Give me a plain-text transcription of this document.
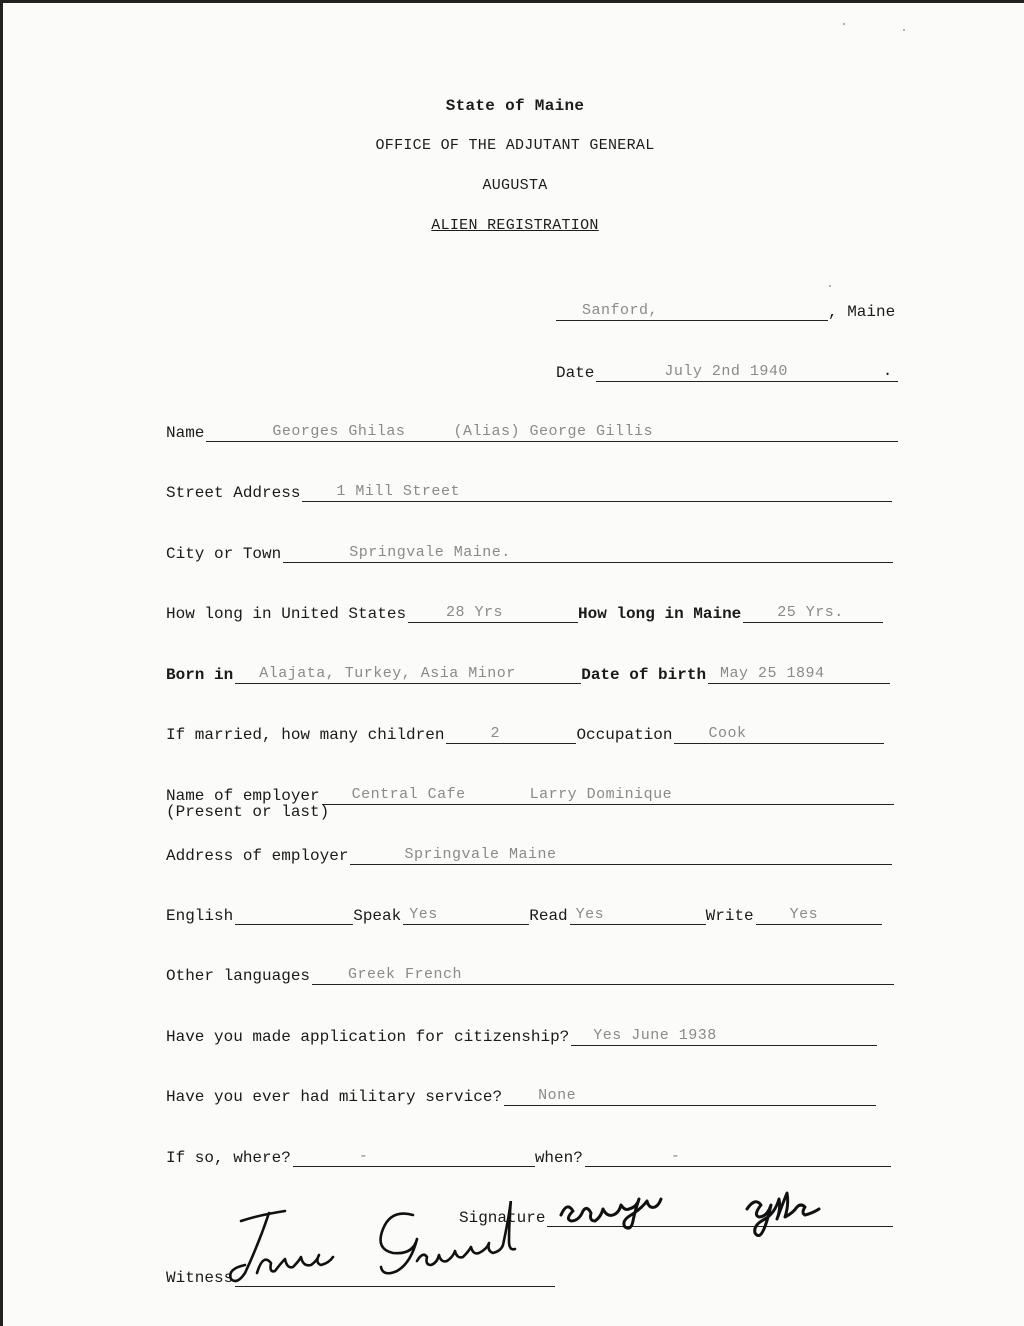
State of Maine
OFFICE OF THE ADJUTANT GENERAL
AUGUSTA
ALIEN REGISTRATION
Sanford,	, Maine
Date	July 2nd 1940	.
Name	Georges Ghilas	(Alias) George Gillis
Street Address 1 Mill Street
City or Town	Springvale Maine.
How long in United States	28 Yrs	How long in Maine 25 Yrs.
Born in Alajata, Turkey, Asia Minor	Date of birth May 25 1894
If married, how many children	2	Occupation Cook
Name of employer Central Cafe	Larry Dominique
(Present or last)
Address of employer	Springvale Maine
English	Speak Yes	Read Yes	Write Yes
Other languages	Greek French
Have you made application for citizenship? Yes June 1938
Have you ever had military service? None
If so, where?	-	when?	-
Signature
Witness
